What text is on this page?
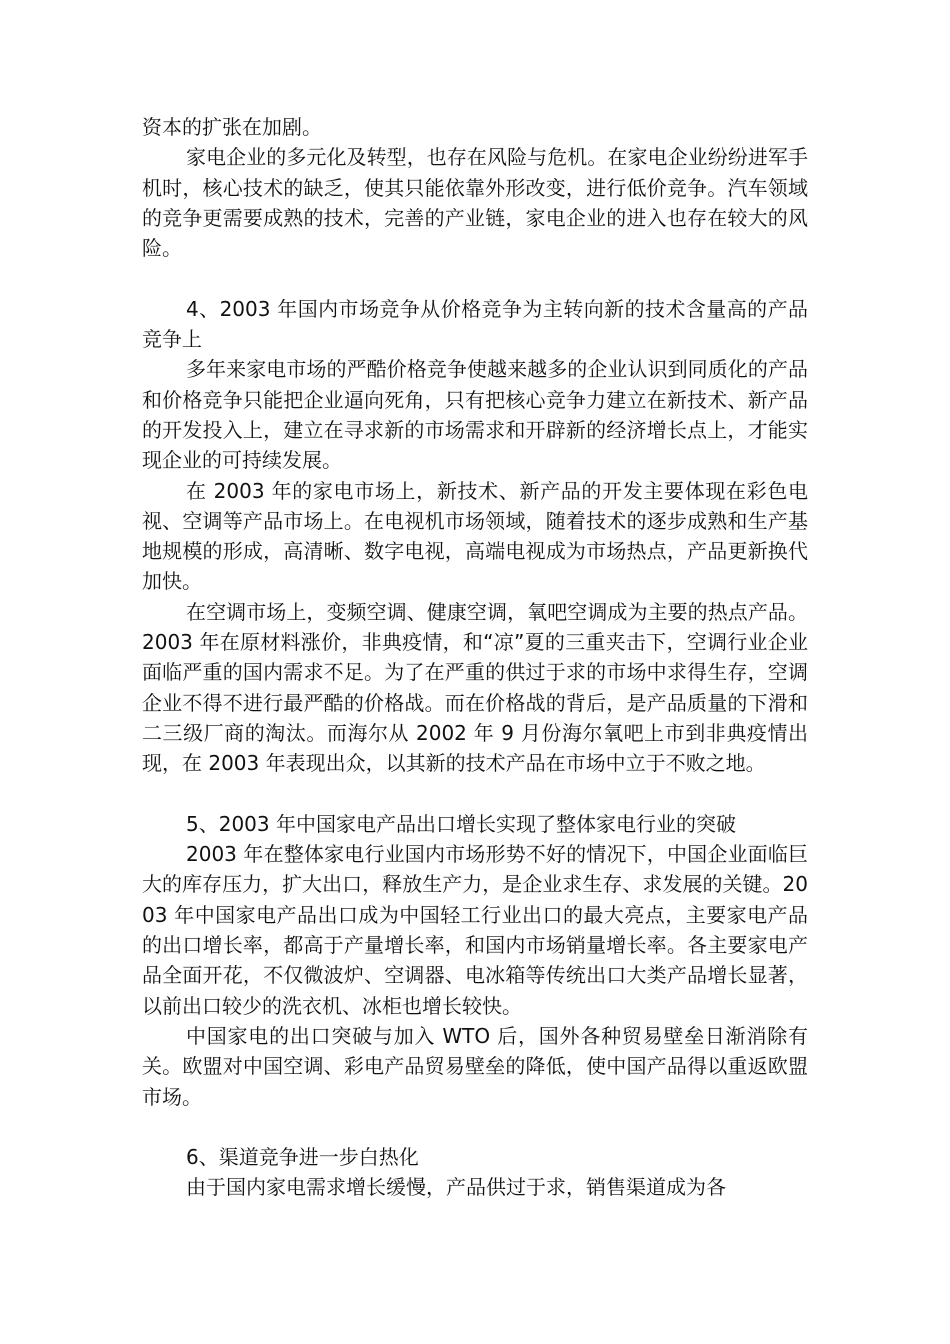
资本的扩张在加剧。

家电企业的多元化及转型，也存在风险与危机。在家电企业纷纷进军手机时，核心技术的缺乏，使其只能依靠外形改变，进行低价竞争。汽车领域的竞争更需要成熟的技术，完善的产业链，家电企业的进入也存在较大的风险。

4、2003 年国内市场竞争从价格竞争为主转向新的技术含量高的产品竞争上

多年来家电市场的严酷价格竞争使越来越多的企业认识到同质化的产品和价格竞争只能把企业逼向死角，只有把核心竞争力建立在新技术、新产品的开发投入上，建立在寻求新的市场需求和开辟新的经济增长点上，才能实现企业的可持续发展。

在 2003 年的家电市场上，新技术、新产品的开发主要体现在彩色电视、空调等产品市场上。在电视机市场领域，随着技术的逐步成熟和生产基地规模的形成，高清晰、数字电视，高端电视成为市场热点，产品更新换代加快。

在空调市场上，变频空调、健康空调，氧吧空调成为主要的热点产品。2003 年在原材料涨价，非典疫情，和“凉”夏的三重夹击下，空调行业企业面临严重的国内需求不足。为了在严重的供过于求的市场中求得生存，空调企业不得不进行最严酷的价格战。而在价格战的背后，是产品质量的下滑和二三级厂商的淘汰。而海尔从 2002 年 9 月份海尔氧吧上市到非典疫情出现，在 2003 年表现出众，以其新的技术产品在市场中立于不败之地。

5、2003 年中国家电产品出口增长实现了整体家电行业的突破

2003 年在整体家电行业国内市场形势不好的情况下，中国企业面临巨大的库存压力，扩大出口，释放生产力，是企业求生存、求发展的关键。2003 年中国家电产品出口成为中国轻工行业出口的最大亮点，主要家电产品的出口增长率，都高于产量增长率，和国内市场销量增长率。各主要家电产品全面开花，不仅微波炉、空调器、电冰箱等传统出口大类产品增长显著，以前出口较少的洗衣机、冰柜也增长较快。

中国家电的出口突破与加入 WTO 后，国外各种贸易壁垒日渐消除有关。欧盟对中国空调、彩电产品贸易壁垒的降低，使中国产品得以重返欧盟市场。

6、渠道竞争进一步白热化

由于国内家电需求增长缓慢，产品供过于求，销售渠道成为各
